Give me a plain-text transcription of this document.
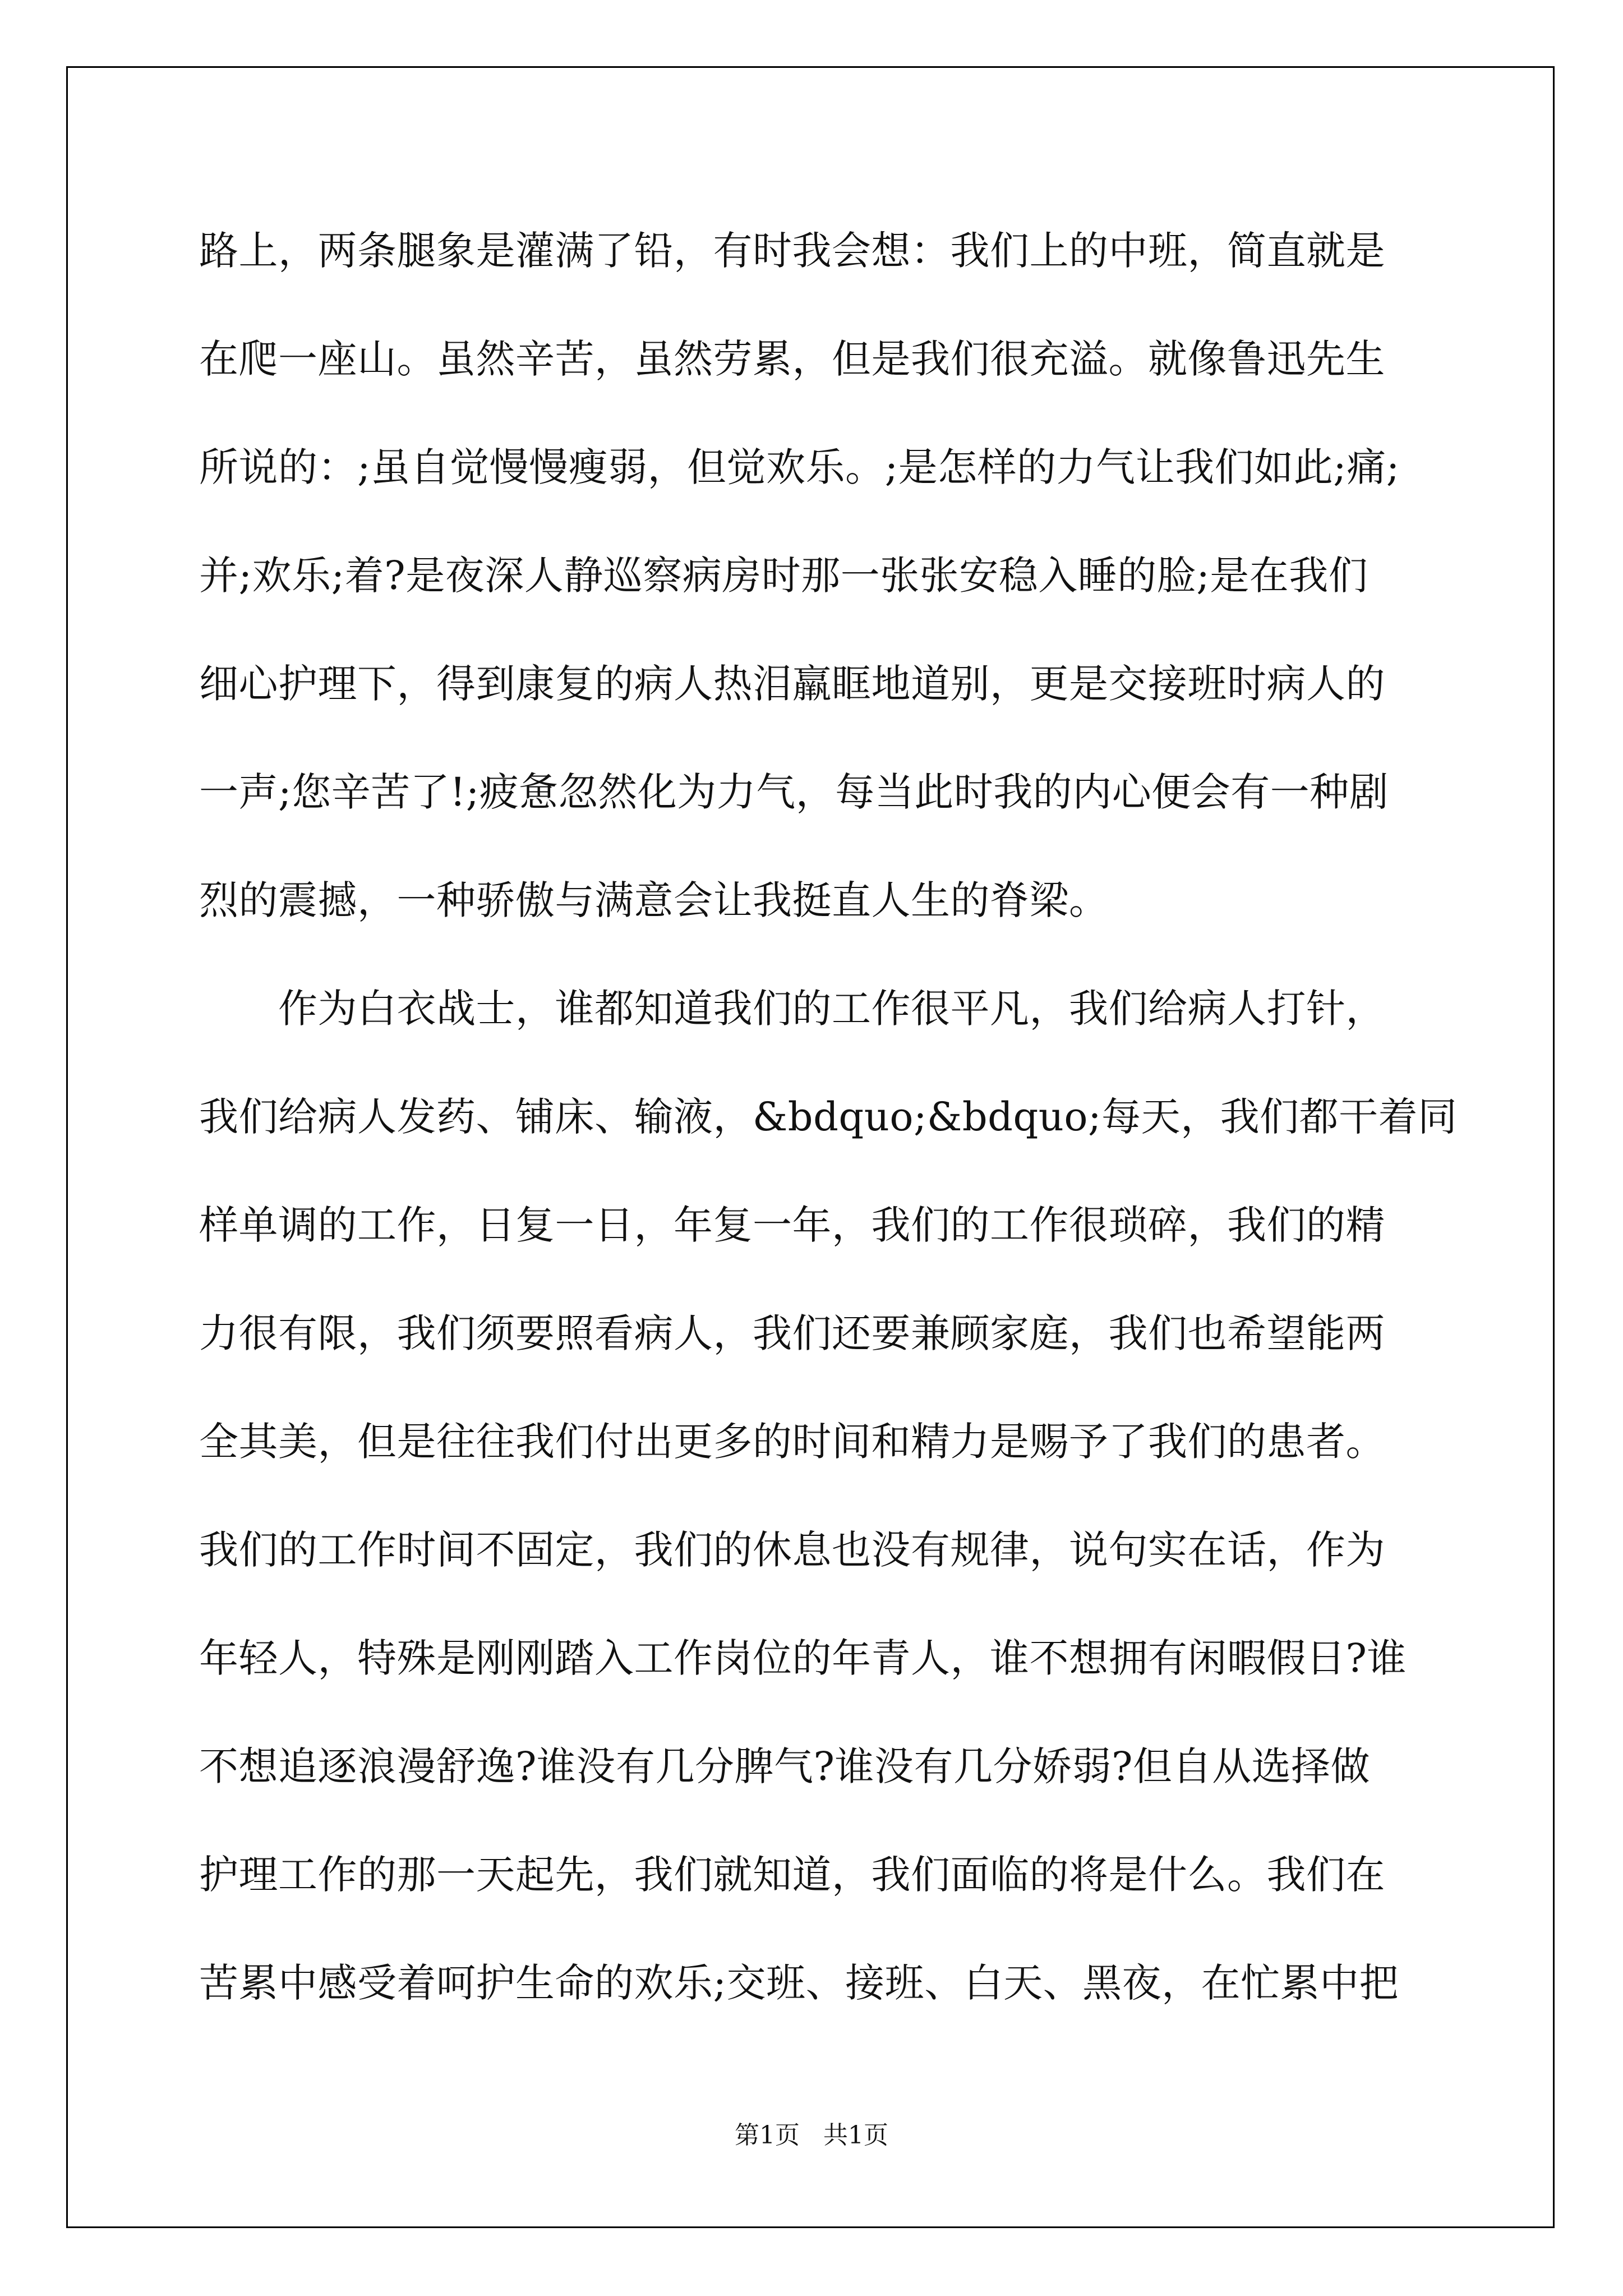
路上，两条腿象是灌满了铅，有时我会想：我们上的中班，简直就是
在爬一座山。虽然辛苦，虽然劳累，但是我们很充溢。就像鲁迅先生
所说的：;虽自觉慢慢瘦弱，但觉欢乐。;是怎样的力气让我们如此;痛;
并;欢乐;着?是夜深人静巡察病房时那一张张安稳入睡的脸;是在我们
细心护理下，得到康复的病人热泪羸眶地道别，更是交接班时病人的
一声;您辛苦了!;疲惫忽然化为力气，每当此时我的内心便会有一种剧
烈的震撼，一种骄傲与满意会让我挺直人生的脊梁。
　　作为白衣战士，谁都知道我们的工作很平凡，我们给病人打针，
我们给病人发药、铺床、输液，&bdquo;&bdquo;每天，我们都干着同
样单调的工作，日复一日，年复一年，我们的工作很琐碎，我们的精
力很有限，我们须要照看病人，我们还要兼顾家庭，我们也希望能两
全其美，但是往往我们付出更多的时间和精力是赐予了我们的患者。
我们的工作时间不固定，我们的休息也没有规律，说句实在话，作为
年轻人，特殊是刚刚踏入工作岗位的年青人，谁不想拥有闲暇假日?谁
不想追逐浪漫舒逸?谁没有几分脾气?谁没有几分娇弱?但自从选择做
护理工作的那一天起先，我们就知道，我们面临的将是什么。我们在
苦累中感受着呵护生命的欢乐;交班、接班、白天、黑夜，在忙累中把
第1页 共1页
